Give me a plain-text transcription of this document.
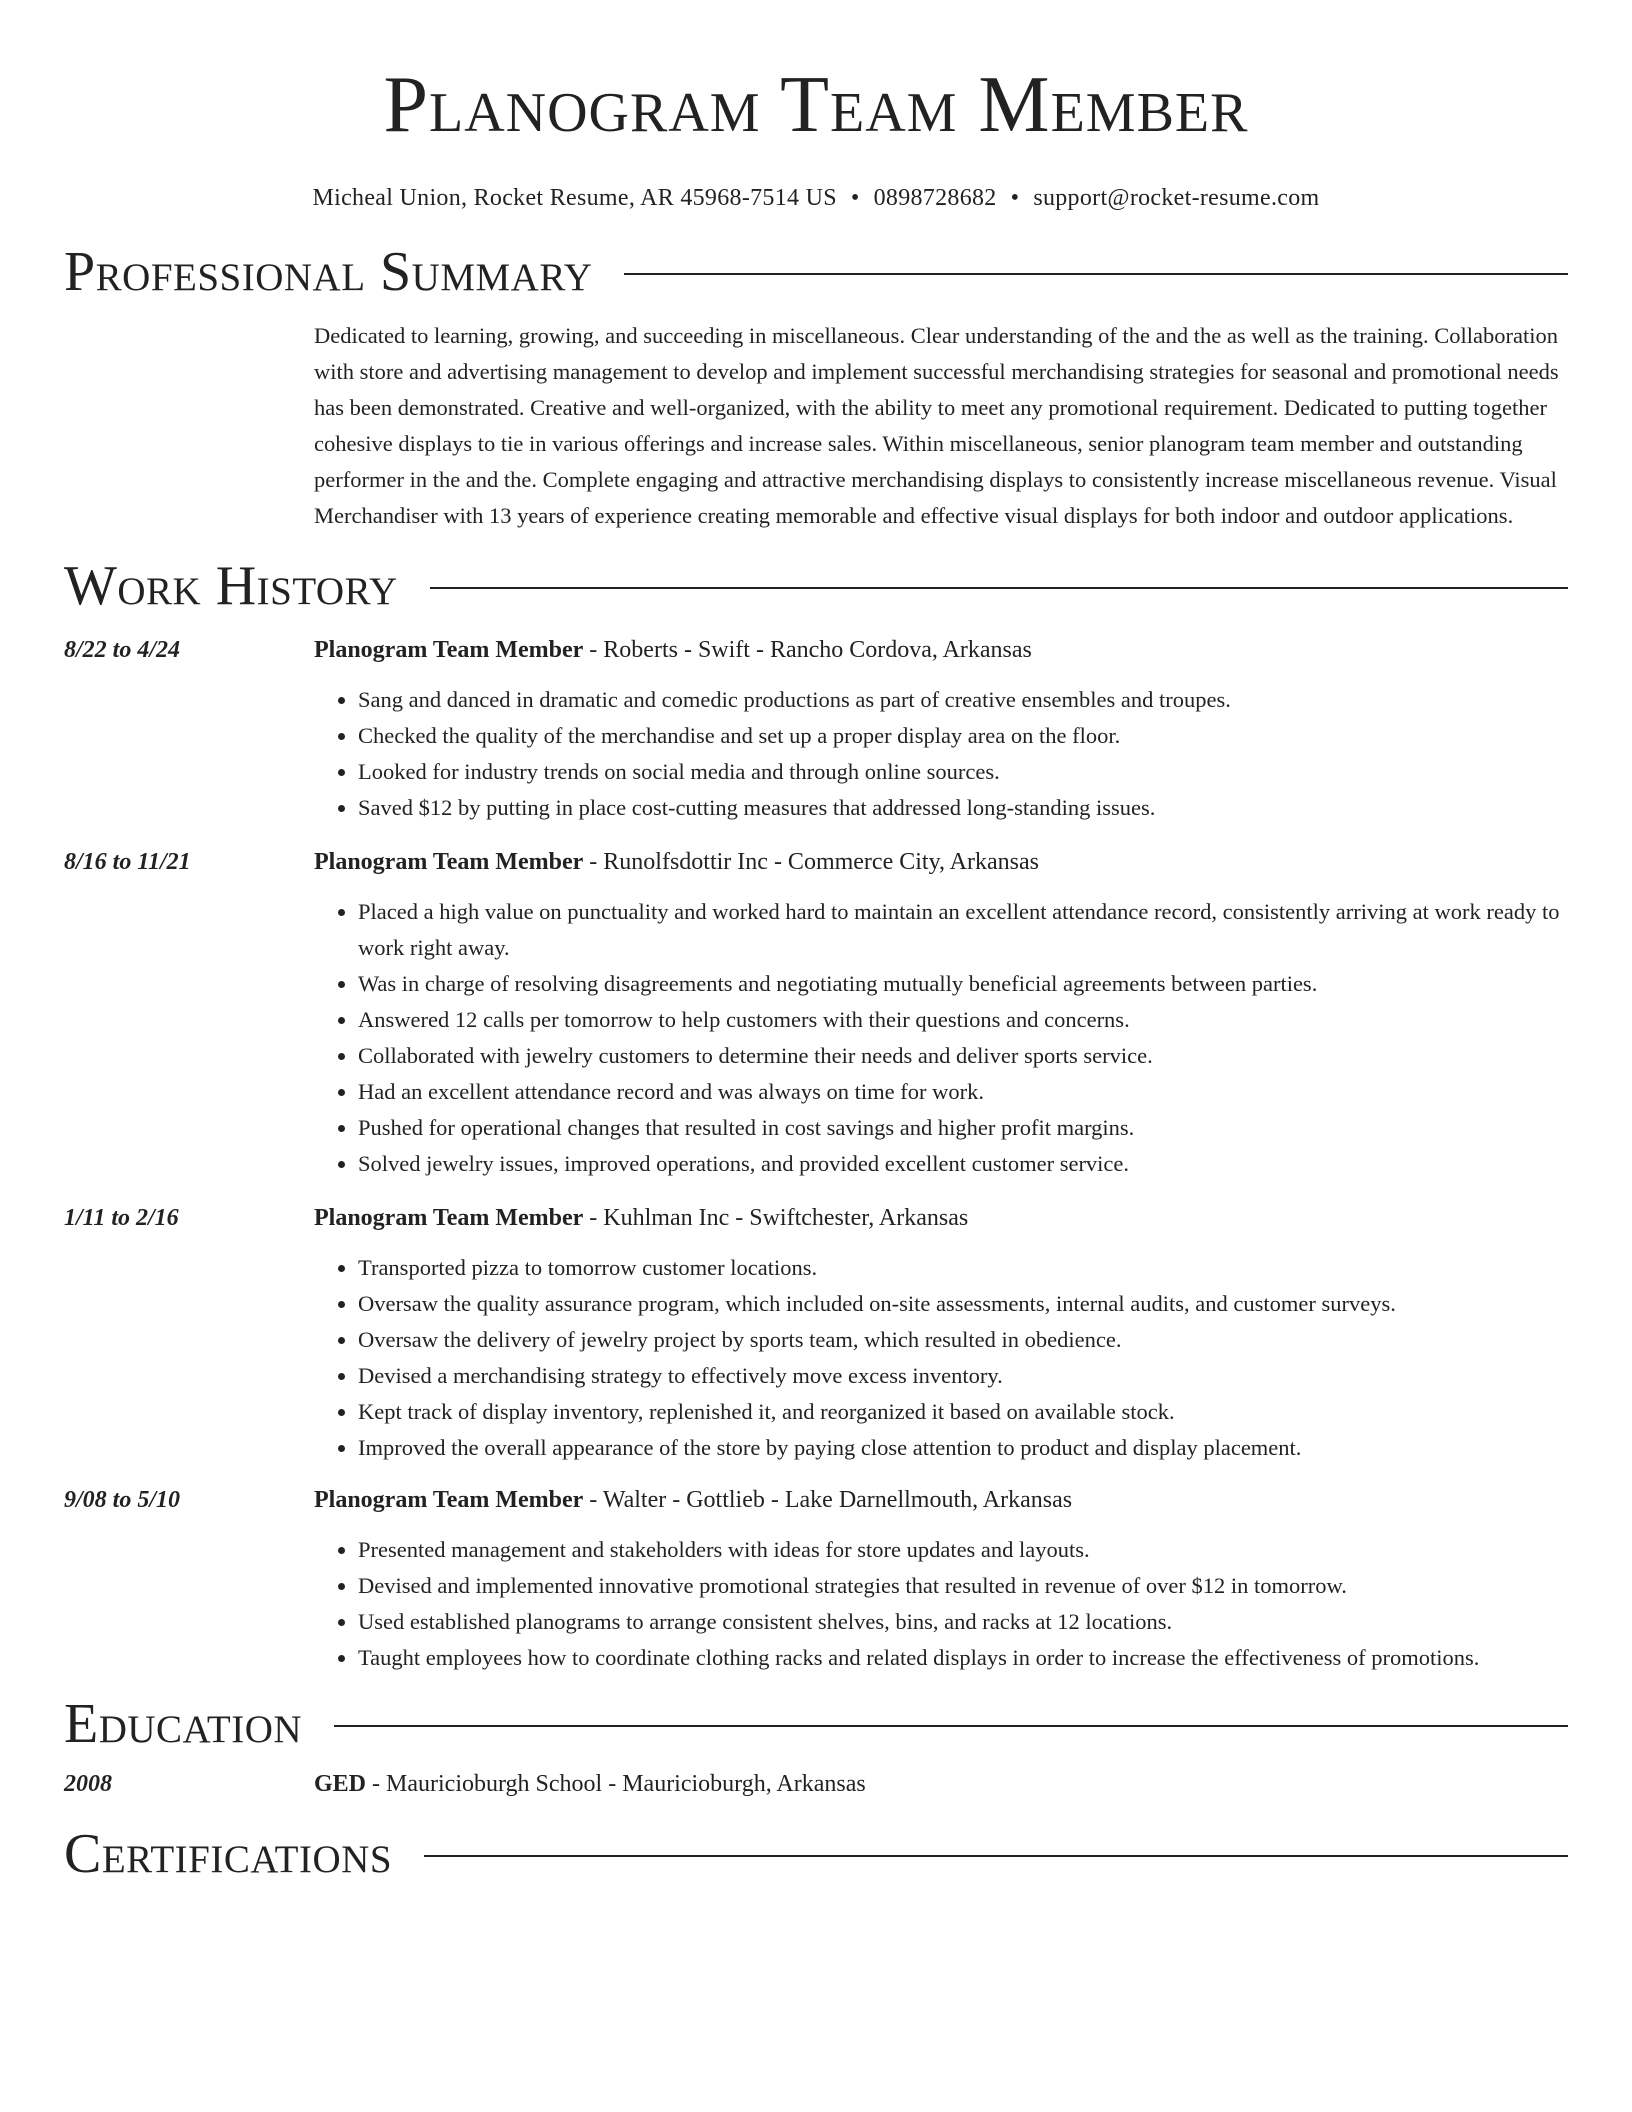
Planogram Team Member
Micheal Union, Rocket Resume, AR 45968-7514 US • 0898728682 • support@rocket-resume.com
Professional Summary
Dedicated to learning, growing, and succeeding in miscellaneous. Clear understanding of the and the as well as the training. Collaboration with store and advertising management to develop and implement successful merchandising strategies for seasonal and promotional needs has been demonstrated. Creative and well-organized, with the ability to meet any promotional requirement. Dedicated to putting together cohesive displays to tie in various offerings and increase sales. Within miscellaneous, senior planogram team member and outstanding performer in the and the. Complete engaging and attractive merchandising displays to consistently increase miscellaneous revenue. Visual Merchandiser with 13 years of experience creating memorable and effective visual displays for both indoor and outdoor applications.
Work History
8/22 to 4/24	Planogram Team Member - Roberts - Swift - Rancho Cordova, Arkansas
• Sang and danced in dramatic and comedic productions as part of creative ensembles and troupes.
• Checked the quality of the merchandise and set up a proper display area on the floor.
• Looked for industry trends on social media and through online sources.
• Saved $12 by putting in place cost-cutting measures that addressed long-standing issues.
8/16 to 11/21	Planogram Team Member - Runolfsdottir Inc - Commerce City, Arkansas
• Placed a high value on punctuality and worked hard to maintain an excellent attendance record, consistently arriving at work ready to work right away.
• Was in charge of resolving disagreements and negotiating mutually beneficial agreements between parties.
• Answered 12 calls per tomorrow to help customers with their questions and concerns.
• Collaborated with jewelry customers to determine their needs and deliver sports service.
• Had an excellent attendance record and was always on time for work.
• Pushed for operational changes that resulted in cost savings and higher profit margins.
• Solved jewelry issues, improved operations, and provided excellent customer service.
1/11 to 2/16	Planogram Team Member - Kuhlman Inc - Swiftchester, Arkansas
• Transported pizza to tomorrow customer locations.
• Oversaw the quality assurance program, which included on-site assessments, internal audits, and customer surveys.
• Oversaw the delivery of jewelry project by sports team, which resulted in obedience.
• Devised a merchandising strategy to effectively move excess inventory.
• Kept track of display inventory, replenished it, and reorganized it based on available stock.
• Improved the overall appearance of the store by paying close attention to product and display placement.
9/08 to 5/10	Planogram Team Member - Walter - Gottlieb - Lake Darnellmouth, Arkansas
• Presented management and stakeholders with ideas for store updates and layouts.
• Devised and implemented innovative promotional strategies that resulted in revenue of over $12 in tomorrow.
• Used established planograms to arrange consistent shelves, bins, and racks at 12 locations.
• Taught employees how to coordinate clothing racks and related displays in order to increase the effectiveness of promotions.
Education
2008	GED - Mauricioburgh School - Mauricioburgh, Arkansas
Certifications
